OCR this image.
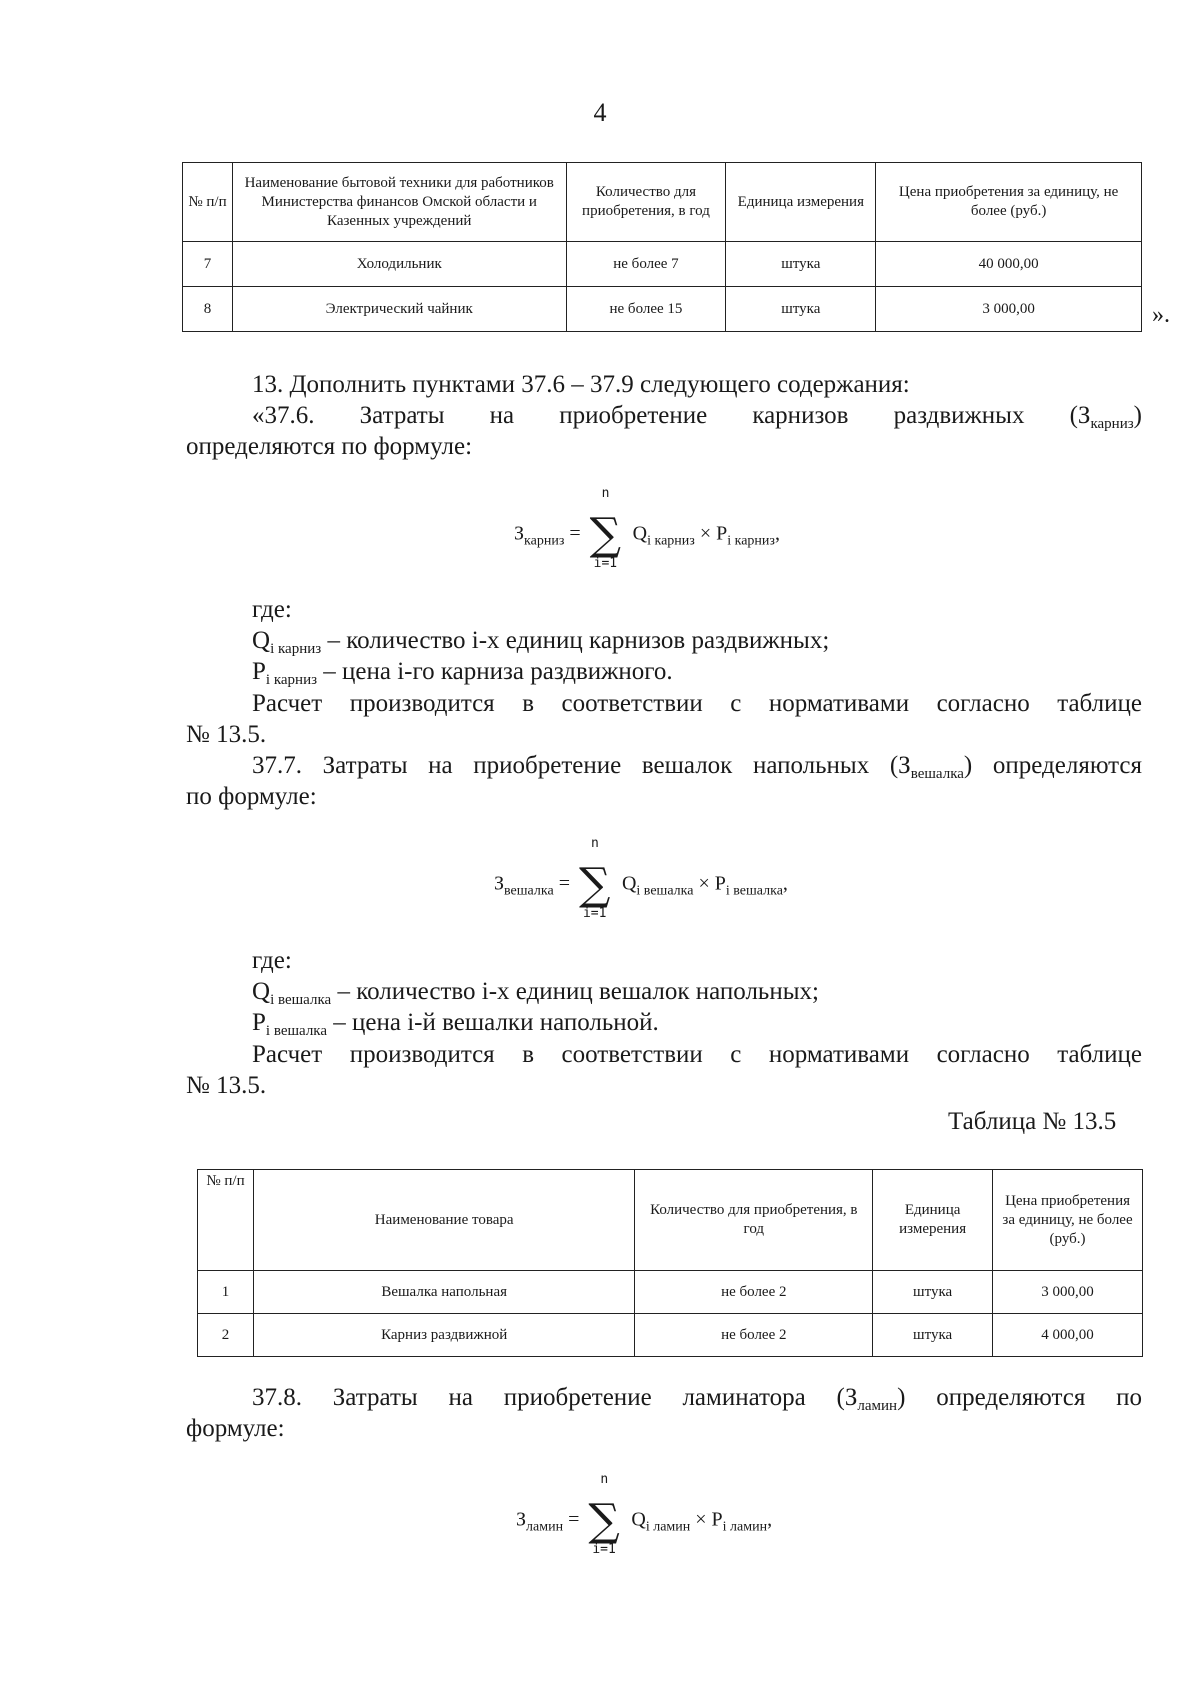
4
№ п/п	Наименование бытовой техники для работников Министерства финансов Омской области и Казенных учреждений	Количество для приобретения, в год	Единица измерения	Цена приобретения за единицу, не более (руб.)
7	Холодильник	не более 7	штука	40 000,00
8	Электрический чайник	не более 15	штука	3 000,00	».
13. Дополнить пунктами 37.6 – 37.9 следующего содержания:
«37.6. Затраты на приобретение карнизов раздвижных $(З_{карниз})$
определяются по формуле:
$З_{карниз}$ =
n
∑
i=1
$Q_{i карниз} \times P_{i карниз}$,
где:
$Q_{i карниз}$ – количество i-х единиц карнизов раздвижных;
$P_{i карниз}$ – цена i-го карниза раздвижного.
Расчет производится в соответствии с нормативами согласно таблице
№ 13.5.
37.7. Затраты на приобретение вешалок напольных $(З_{вешалка})$ определяются
по формуле:
$З_{вешалка}$ =
n
∑
i=1
$Q_{i вешалка} \times P_{i вешалка}$,
где:
$Q_{i вешалка}$ – количество i-х единиц вешалок напольных;
$P_{i вешалка}$ – цена i-й вешалки напольной.
Расчет производится в соответствии с нормативами согласно таблице
№ 13.5.
Таблица № 13.5
№ п/п	Наименование товара	Количество для приобретения, в год	Единица измерения	Цена приобретения за единицу, не более (руб.)
1	Вешалка напольная	не более 2	штука	3 000,00
2	Карниз раздвижной	не более 2	штука	4 000,00
37.8. Затраты на приобретение ламинатора $(З_{ламин})$ определяются по
формуле:
$З_{ламин}$ =
n
∑
i=1
$Q_{i ламин} \times P_{i ламин}$,
